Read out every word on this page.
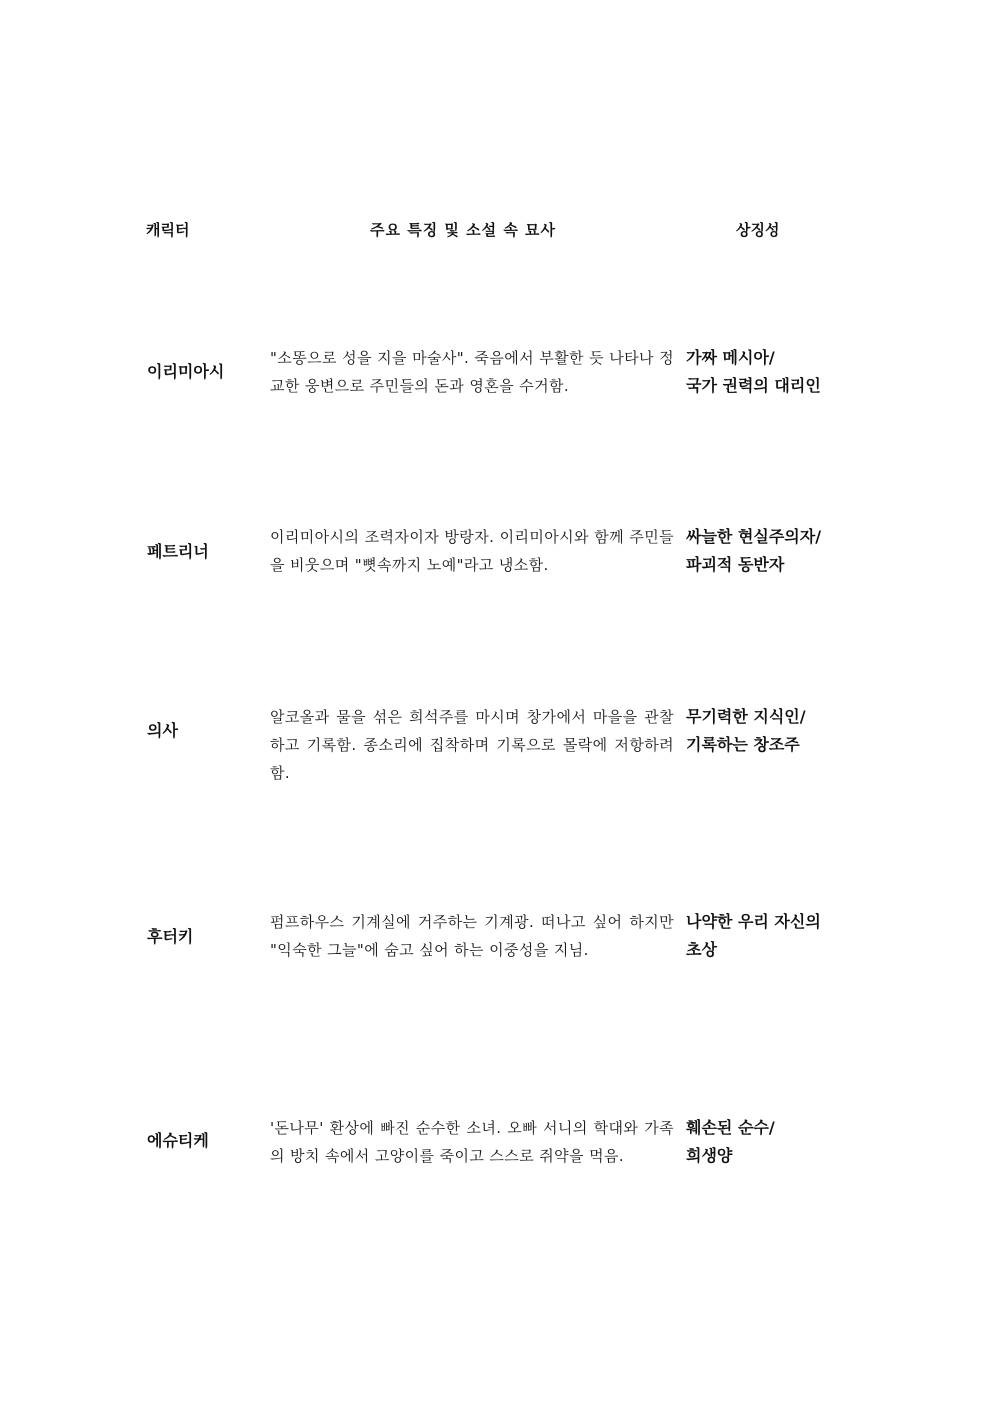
캐릭터	주요 특징 및 소설 속 묘사	상징성
이리미아시
"소똥으로 성을 지을 마술사". 죽음에서 부활한 듯 나타나 정교한 웅변으로 주민들의 돈과 영혼을 수거함.
가짜 메시아/
국가 권력의 대리인
페트리너
이리미아시의 조력자이자 방랑자. 이리미아시와 함께 주민들을 비웃으며 "뼛속까지 노예"라고 냉소함.
싸늘한 현실주의자/
파괴적 동반자
의사
알코올과 물을 섞은 희석주를 마시며 창가에서 마을을 관찰하고 기록함. 종소리에 집착하며 기록으로 몰락에 저항하려 함.
무기력한 지식인/
기록하는 창조주
후터키
펌프하우스 기계실에 거주하는 기계광. 떠나고 싶어 하지만 "익숙한 그늘"에 숨고 싶어 하는 이중성을 지님.
나약한 우리 자신의
초상
에슈티케
'돈나무' 환상에 빠진 순수한 소녀. 오빠 서니의 학대와 가족의 방치 속에서 고양이를 죽이고 스스로 쥐약을 먹음.
훼손된 순수/
희생양
